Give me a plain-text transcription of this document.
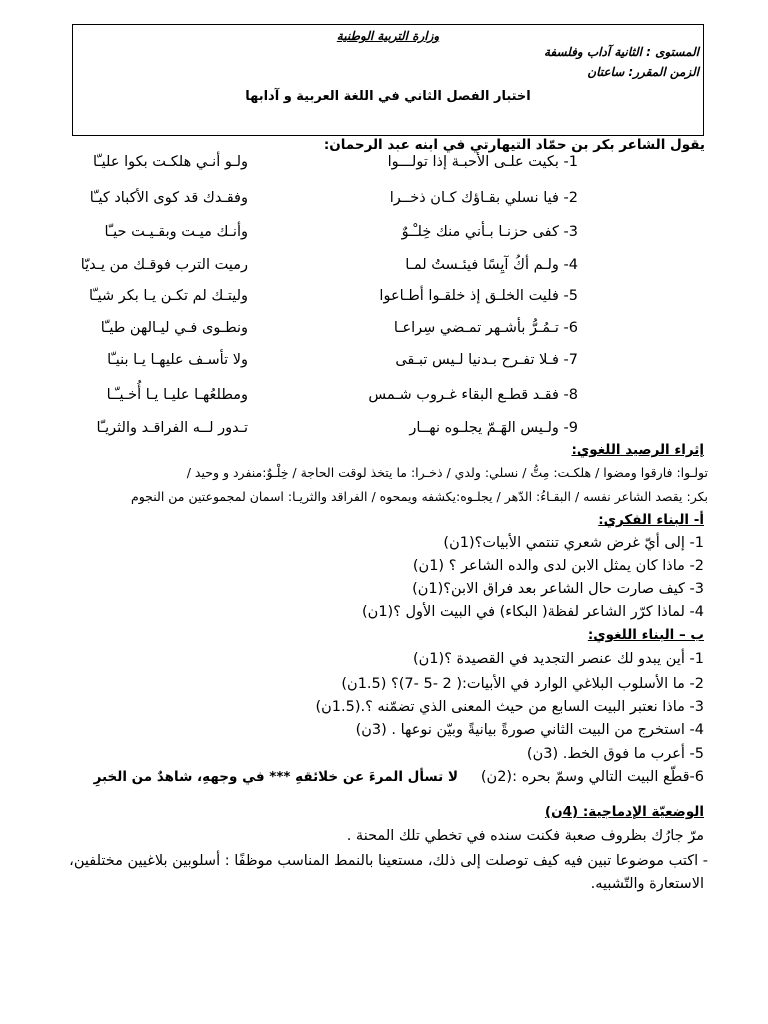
وزارة التربية الوطنية
المستوى : الثانية آداب وفلسفة
الزمن المقرر: ساعتان
اختبار الفصل الثاني في اللغة العربية و آدابها
يقول الشاعر بكر بن حمّاد التيهارتي في ابنه عبد الرحمان:
1- بكيت علـى الأحبـة إذا تولـــوا
ولـو أنـي هلكـت بكوا عليـّا
2- فيا نسلي بقـاؤك كـان ذخــرا
وفقـدك قد كوى الأكباد كيـّا
3- كفى حزنـا بـأني منك خِلـْـوٌ
وأنـك ميـت وبقـيـت حيـّا
4- ولـم أكُ آيِسًا فيئـستُ لمـا
رميت الترب فوقـك من يـديّا
5- فليت الخلـق إذ خلقـوا أطـاعوا
وليتـك لم تكـن يـا بكر شيـّا
6- تـمُـرُّ بأشـهر تمـضي سِراعـا
ونطـوى فـي ليـالهن طيـّا
7- فـلا تفـرح بـدنيا لـيس تبـقى
ولا تأسـف عليهـا يـا بنيـّا
8- فقـد قطـع البقاء غـروب شـمس
ومطلعُهـا عليـا يـا أُخـيـّـا
9- ولـيس الهَـمّ يجلـوه نهــار
تـدور لــه الفراقـد والثريـّا
إثراء الرصيد اللغوي:
تولـوا: فارقوا ومضوا / هلكـت: مِتُّ / نسلي: ولدي / ذخـرا: ما يتخذ لوقت الحاجة / خِلْـوٌ:منفرد و وحيد /
بكر: يقصد الشاعر نفسه / البقـاءُ: الدّهر / يجلـوه:يكشفه ويمحوه / الفراقد والثريـا: اسمان لمجموعتين من النجوم
أ- البناء الفكري:
1- إلى أيّ غرض شعري تنتمي الأبيات؟(1ن)
2- ماذا كان يمثل الابن لدى والده الشاعر ؟ (1ن)
3- كيف صارت حال الشاعر بعد فراق الابن؟(1ن)
4- لماذا كرّر الشاعر لفظة( البكاء) في البيت الأول ؟(1ن)
ب – البناء اللغوي:
1- أين يبدو لك عنصر التجديد في القصيدة ؟(1ن)
2- ما الأسلوب البلاغي الوارد في الأبيات:( 2 -5 -7)؟ (1.5ن)
3- ماذا نعتبر البيت السابع من حيث المعنى الذي تضمّنه ؟.(1.5ن)
4- استخرج من البيت الثاني صورةً بيانيةً وبيّن نوعها . (3ن)
5- أعرب ما فوق الخط. (3ن)
6-قطّع البيت التالي وسمّ بحره :(2ن)
لا تسأل المرءَ عن خلائقهِ *** في وجههِ، شاهدٌ من الخبرِ
الوضعيّة الإدماجية: (4ن)
مرّ جارُك بظروف صعبة فكنت سنده في تخطي تلك المحنة .
- اكتب موضوعا تبين فيه كيف توصلت إلى ذلك، مستعينا بالنمط المناسب موظفًا : أسلوبين بلاغيين مختلفين،
الاستعارة والتّشبيه.
